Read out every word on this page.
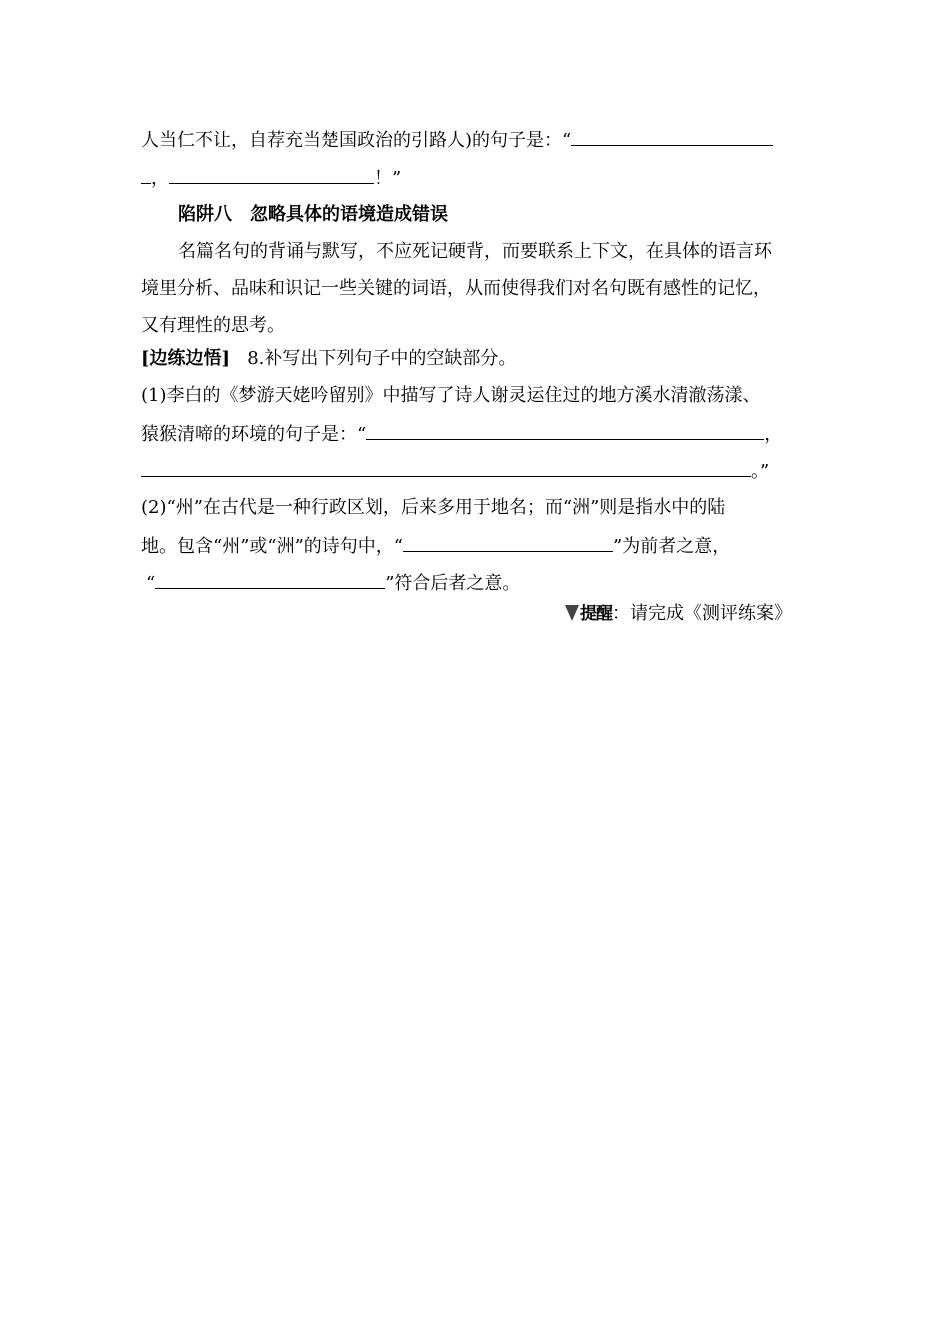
人当仁不让，自荐充当楚国政治的引路人)的句子是：“
，	！”
陷阱八　忽略具体的语境造成错误
名篇名句的背诵与默写，不应死记硬背，而要联系上下文，在具体的语言环
境里分析、品味和识记一些关键的词语，从而使得我们对名句既有感性的记忆，
又有理性的思考。
[边练边悟] 8.补写出下列句子中的空缺部分。
(1)李白的《梦游天姥吟留别》中描写了诗人谢灵运住过的地方溪水清澈荡漾、
猿猴清啼的环境的句子是：“	，
。”
(2)“州”在古代是一种行政区划，后来多用于地名；而“洲”则是指水中的陆
地。包含“州”或“洲”的诗句中，“	”为前者之意，
“	”符合后者之意。
提醒：请完成《测评练案》
